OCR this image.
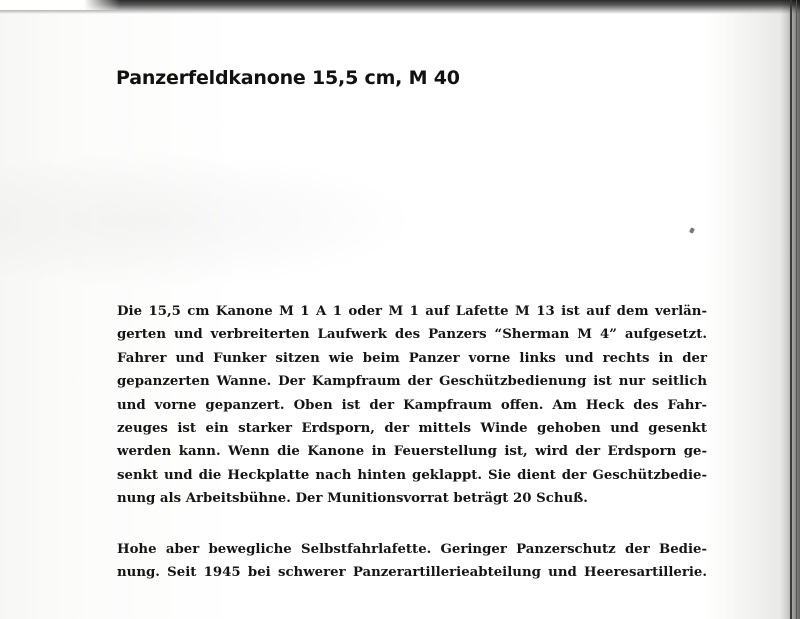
Panzerfeldkanone 15,5 cm, M 40
Die 15,5 cm Kanone M 1 A 1 oder M 1 auf Lafette M 13 ist auf dem verlän-
gerten und verbreiterten Laufwerk des Panzers “Sherman M 4” aufgesetzt.
Fahrer und Funker sitzen wie beim Panzer vorne links und rechts in der
gepanzerten Wanne. Der Kampfraum der Geschützbedienung ist nur seitlich
und vorne gepanzert. Oben ist der Kampfraum offen. Am Heck des Fahr-
zeuges ist ein starker Erdsporn, der mittels Winde gehoben und gesenkt
werden kann. Wenn die Kanone in Feuerstellung ist, wird der Erdsporn ge-
senkt und die Heckplatte nach hinten geklappt. Sie dient der Geschützbedie-
nung als Arbeitsbühne. Der Munitionsvorrat beträgt 20 Schuß.
Hohe aber bewegliche Selbstfahrlafette. Geringer Panzerschutz der Bedie-
nung. Seit 1945 bei schwerer Panzerartillerieabteilung und Heeresartillerie.
